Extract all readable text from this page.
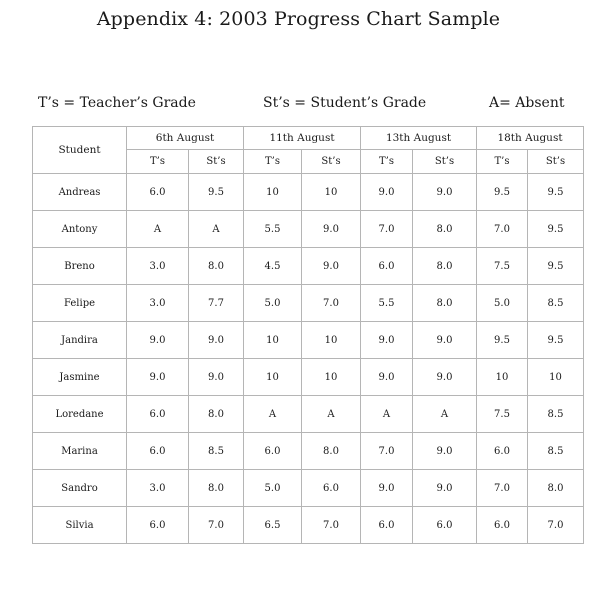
Appendix 4: 2003 Progress Chart Sample
T’s = Teacher’s Grade	St’s = Student’s Grade	A= Absent
Student	6th August		11th August		13th August		18th August	
	T’s	St’s	T’s	St’s	T’s	St’s	T’s	St’s
Andreas	6.0	9.5	10	10	9.0	9.0	9.5	9.5
Antony	A	A	5.5	9.0	7.0	8.0	7.0	9.5
Breno	3.0	8.0	4.5	9.0	6.0	8.0	7.5	9.5
Felipe	3.0	7.7	5.0	7.0	5.5	8.0	5.0	8.5
Jandira	9.0	9.0	10	10	9.0	9.0	9.5	9.5
Jasmine	9.0	9.0	10	10	9.0	9.0	10	10
Loredane	6.0	8.0	A	A	A	A	7.5	8.5
Marina	6.0	8.5	6.0	8.0	7.0	9.0	6.0	8.5
Sandro	3.0	8.0	5.0	6.0	9.0	9.0	7.0	8.0
Silvia	6.0	7.0	6.5	7.0	6.0	6.0	6.0	7.0
